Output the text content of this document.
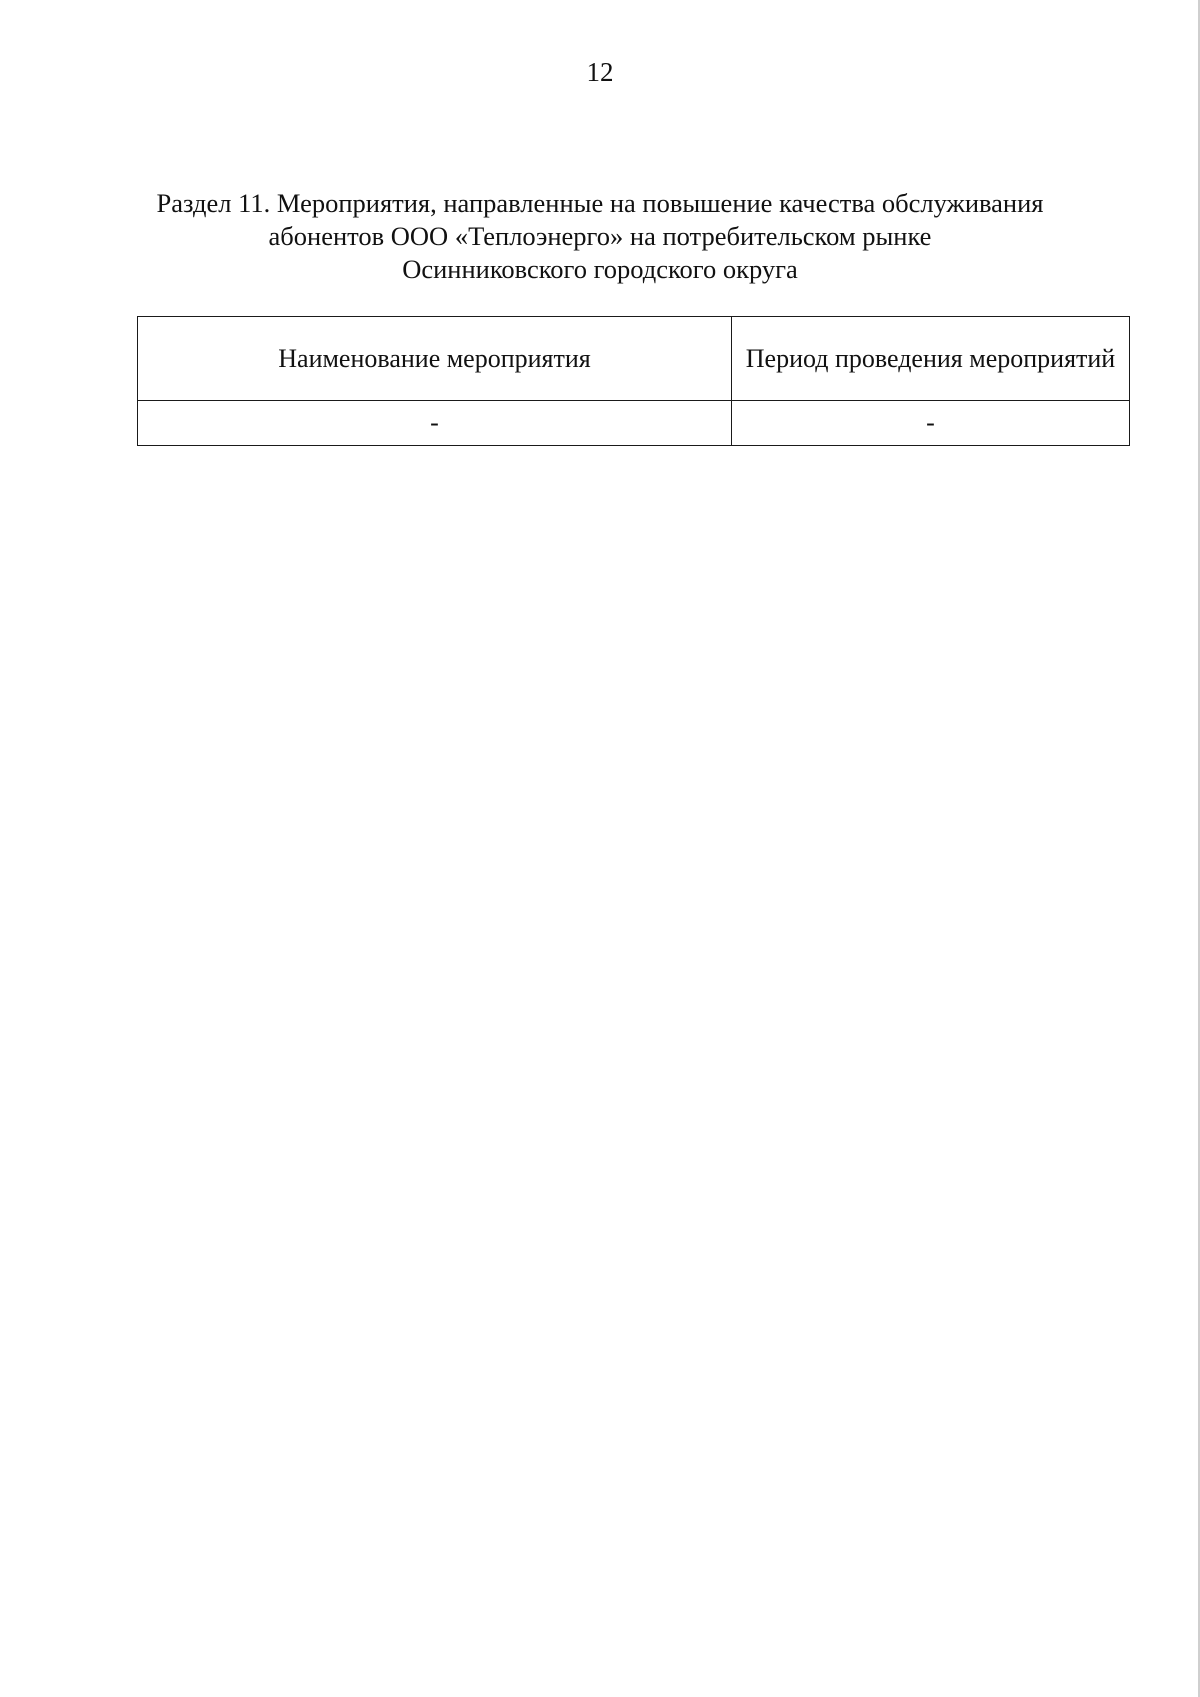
12
Раздел 11. Мероприятия, направленные на повышение качества обслуживания
абонентов ООО «Теплоэнерго» на потребительском рынке
Осинниковского городского округа
Наименование мероприятия	Период проведения мероприятий
-	-
